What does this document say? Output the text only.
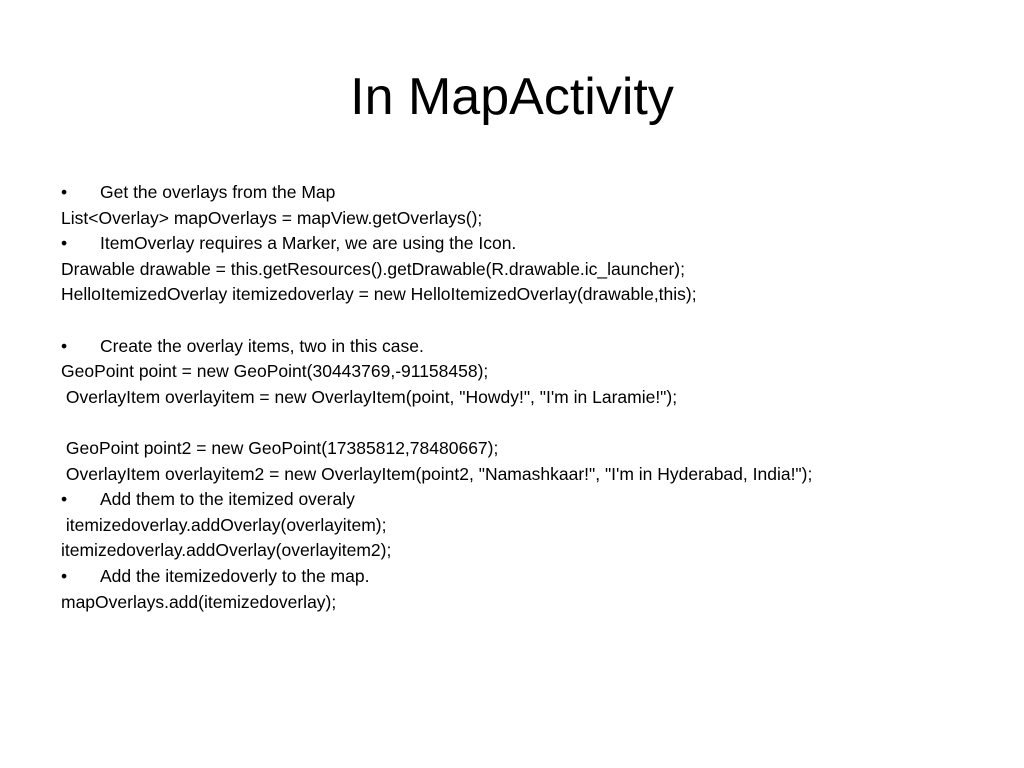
In MapActivity
• Get the overlays from the Map
List<Overlay> mapOverlays = mapView.getOverlays();
• ItemOverlay requires a Marker, we are using the Icon.
Drawable drawable = this.getResources().getDrawable(R.drawable.ic_launcher);
HelloItemizedOverlay itemizedoverlay = new HelloItemizedOverlay(drawable,this);
• Create the overlay items, two in this case.
GeoPoint point = new GeoPoint(30443769,-91158458);
OverlayItem overlayitem = new OverlayItem(point, "Howdy!", "I'm in Laramie!");
GeoPoint point2 = new GeoPoint(17385812,78480667);
OverlayItem overlayitem2 = new OverlayItem(point2, "Namashkaar!", "I'm in Hyderabad, India!");
• Add them to the itemized overaly
itemizedoverlay.addOverlay(overlayitem);
itemizedoverlay.addOverlay(overlayitem2);
• Add the itemizedoverly to the map.
mapOverlays.add(itemizedoverlay);
